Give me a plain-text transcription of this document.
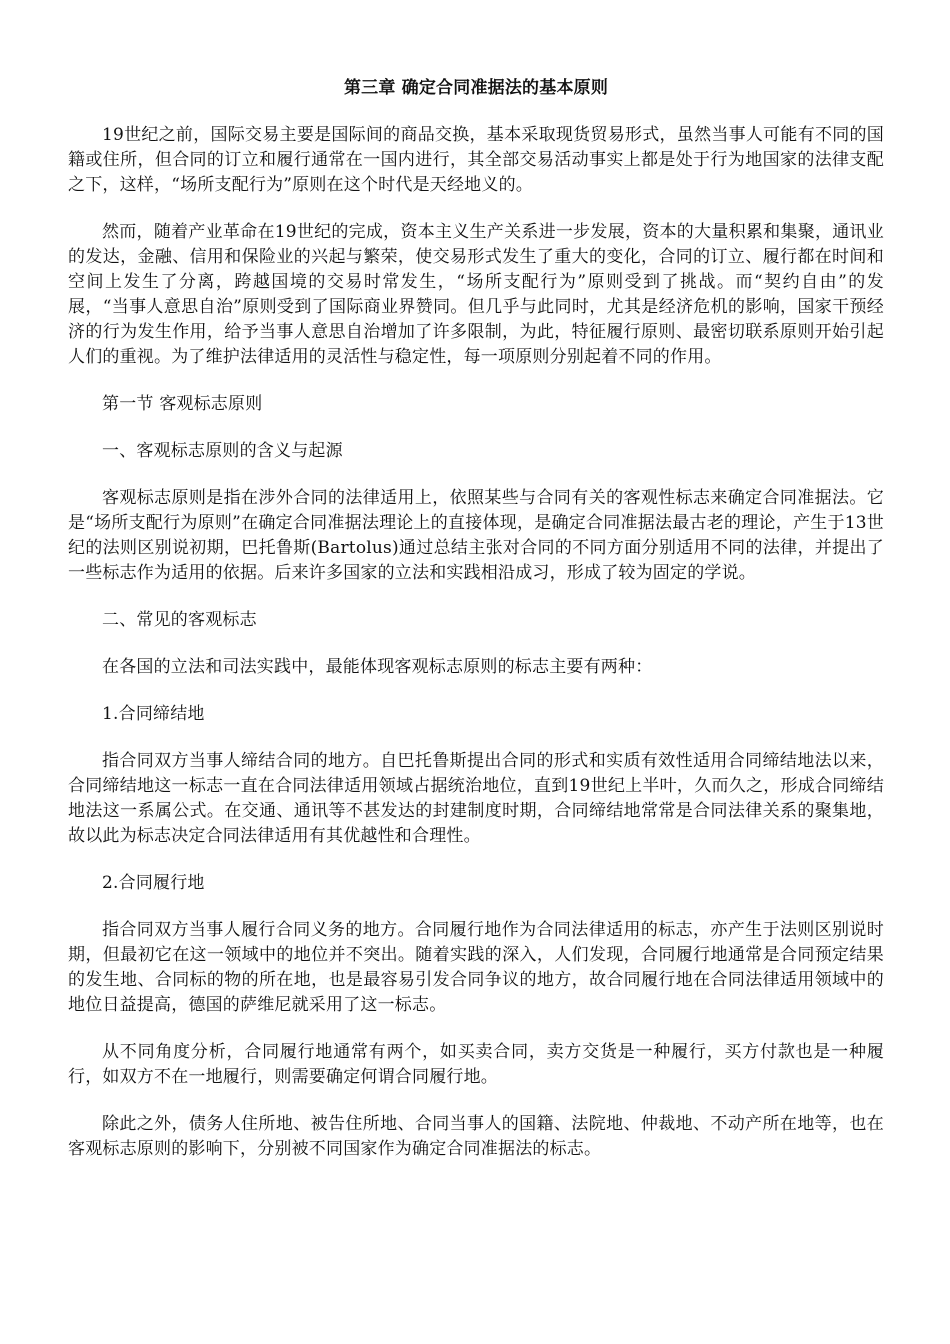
第三章 确定合同准据法的基本原则

19世纪之前，国际交易主要是国际间的商品交换，基本采取现货贸易形式，虽然当事人可能有不同的国籍或住所，但合同的订立和履行通常在一国内进行，其全部交易活动事实上都是处于行为地国家的法律支配之下，这样，“场所支配行为”原则在这个时代是天经地义的。

然而，随着产业革命在19世纪的完成，资本主义生产关系进一步发展，资本的大量积累和集聚，通讯业的发达，金融、信用和保险业的兴起与繁荣，使交易形式发生了重大的变化，合同的订立、履行都在时间和空间上发生了分离，跨越国境的交易时常发生，“场所支配行为”原则受到了挑战。而“契约自由”的发展，“当事人意思自治”原则受到了国际商业界赞同。但几乎与此同时，尤其是经济危机的影响，国家干预经济的行为发生作用，给予当事人意思自治增加了许多限制，为此，特征履行原则、最密切联系原则开始引起人们的重视。为了维护法律适用的灵活性与稳定性，每一项原则分别起着不同的作用。

第一节 客观标志原则

一、客观标志原则的含义与起源

客观标志原则是指在涉外合同的法律适用上，依照某些与合同有关的客观性标志来确定合同准据法。它是“场所支配行为原则”在确定合同准据法理论上的直接体现，是确定合同准据法最古老的理论，产生于13世纪的法则区别说初期，巴托鲁斯(Bartolus)通过总结主张对合同的不同方面分别适用不同的法律，并提出了一些标志作为适用的依据。后来许多国家的立法和实践相沿成习，形成了较为固定的学说。

二、常见的客观标志

在各国的立法和司法实践中，最能体现客观标志原则的标志主要有两种：

1.合同缔结地

指合同双方当事人缔结合同的地方。自巴托鲁斯提出合同的形式和实质有效性适用合同缔结地法以来，合同缔结地这一标志一直在合同法律适用领域占据统治地位，直到19世纪上半叶，久而久之，形成合同缔结地法这一系属公式。在交通、通讯等不甚发达的封建制度时期，合同缔结地常常是合同法律关系的聚集地，故以此为标志决定合同法律适用有其优越性和合理性。

2.合同履行地

指合同双方当事人履行合同义务的地方。合同履行地作为合同法律适用的标志，亦产生于法则区别说时期，但最初它在这一领域中的地位并不突出。随着实践的深入，人们发现，合同履行地通常是合同预定结果的发生地、合同标的物的所在地，也是最容易引发合同争议的地方，故合同履行地在合同法律适用领域中的地位日益提高，德国的萨维尼就采用了这一标志。

从不同角度分析，合同履行地通常有两个，如买卖合同，卖方交货是一种履行，买方付款也是一种履行，如双方不在一地履行，则需要确定何谓合同履行地。

除此之外，债务人住所地、被告住所地、合同当事人的国籍、法院地、仲裁地、不动产所在地等，也在客观标志原则的影响下，分别被不同国家作为确定合同准据法的标志。
